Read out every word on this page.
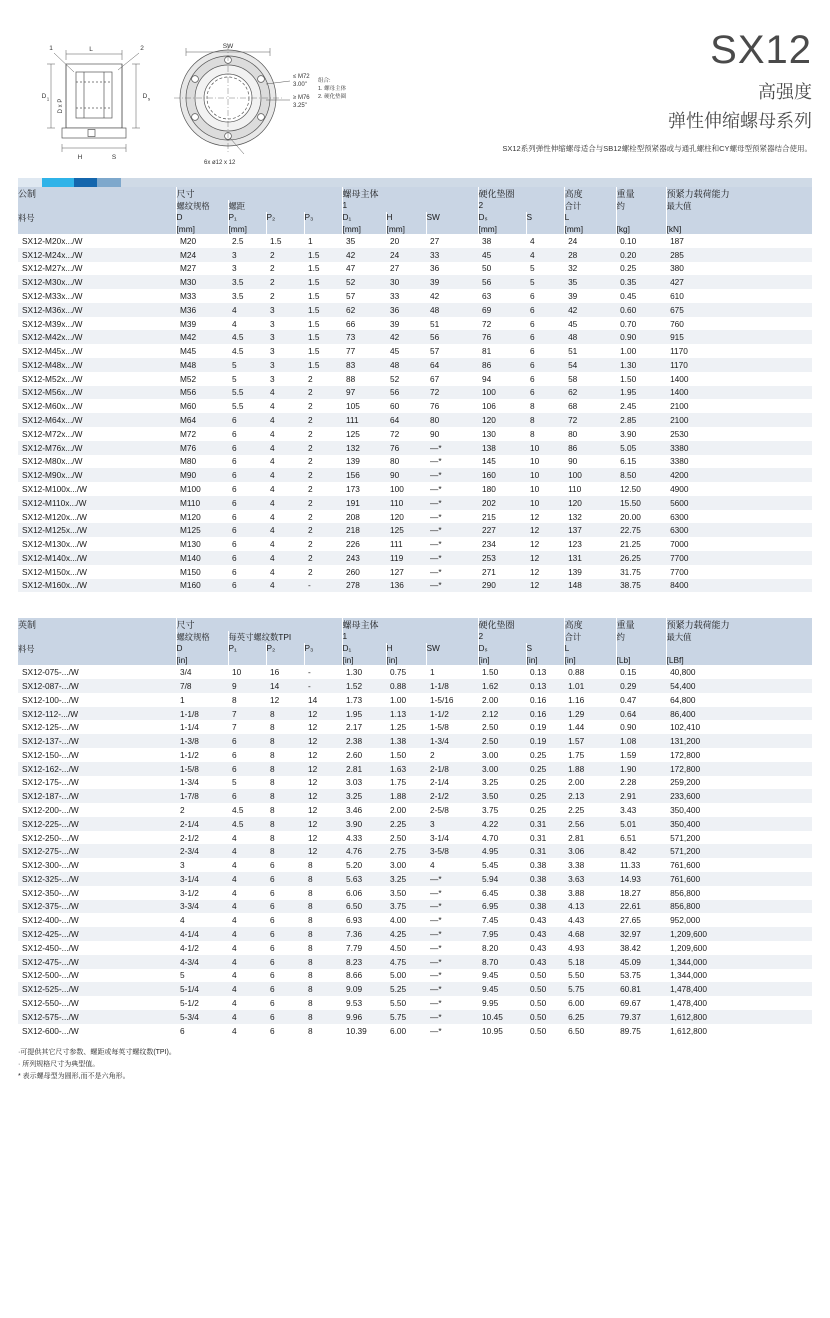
L
1	2
D 1 D x P
D s
H	S
SW
≤ M72
3.00"
≥ M76
3.25"
6x ø12 x 12
组合:
1. 螺母主体
2. 硬化垫圈
SX12
高强度
弹性伸缩螺母系列
SX12系列弹性伸缩螺母适合与SB12螺栓型预紧器或与通孔螺柱和CY螺母型预紧器结合使用。
公制	尺寸				螺母主体			硬化垫圈		高度	重量	预紧力载荷能力
	螺纹规格	螺距			1			2		合计	约	最大值
料号	D	P₁	P₂	P₃	D₁	H	SW	Dₛ	S	L		
	[mm]	[mm]			[mm]	[mm]		[mm]		[mm]	[kg]	[kN]
SX12-M20x.../W	M20	2.5	1.5	1	35	20	27	38	4	24	0.10	187
SX12-M24x.../W	M24	3	2	1.5	42	24	33	45	4	28	0.20	285
SX12-M27x.../W	M27	3	2	1.5	47	27	36	50	5	32	0.25	380
SX12-M30x.../W	M30	3.5	2	1.5	52	30	39	56	5	35	0.35	427
SX12-M33x.../W	M33	3.5	2	1.5	57	33	42	63	6	39	0.45	610
SX12-M36x.../W	M36	4	3	1.5	62	36	48	69	6	42	0.60	675
SX12-M39x.../W	M39	4	3	1.5	66	39	51	72	6	45	0.70	760
SX12-M42x.../W	M42	4.5	3	1.5	73	42	56	76	6	48	0.90	915
SX12-M45x.../W	M45	4.5	3	1.5	77	45	57	81	6	51	1.00	1170
SX12-M48x.../W	M48	5	3	1.5	83	48	64	86	6	54	1.30	1170
SX12-M52x.../W	M52	5	3	2	88	52	67	94	6	58	1.50	1400
SX12-M56x.../W	M56	5.5	4	2	97	56	72	100	6	62	1.95	1400
SX12-M60x.../W	M60	5.5	4	2	105	60	76	106	8	68	2.45	2100
SX12-M64x.../W	M64	6	4	2	111	64	80	120	8	72	2.85	2100
SX12-M72x.../W	M72	6	4	2	125	72	90	130	8	80	3.90	2530
SX12-M76x.../W	M76	6	4	2	132	76	—*	138	10	86	5.05	3380
SX12-M80x.../W	M80	6	4	2	139	80	—*	145	10	90	6.15	3380
SX12-M90x.../W	M90	6	4	2	156	90	—*	160	10	100	8.50	4200
SX12-M100x.../W	M100	6	4	2	173	100	—*	180	10	110	12.50	4900
SX12-M110x.../W	M110	6	4	2	191	110	—*	202	10	120	15.50	5600
SX12-M120x.../W	M120	6	4	2	208	120	—*	215	12	132	20.00	6300
SX12-M125x.../W	M125	6	4	2	218	125	—*	227	12	137	22.75	6300
SX12-M130x.../W	M130	6	4	2	226	111	—*	234	12	123	21.25	7000
SX12-M140x.../W	M140	6	4	2	243	119	—*	253	12	131	26.25	7700
SX12-M150x.../W	M150	6	4	2	260	127	—*	271	12	139	31.75	7700
SX12-M160x.../W	M160	6	4	-	278	136	—*	290	12	148	38.75	8400
英制	尺寸				螺母主体			硬化垫圈		高度	重量	预紧力载荷能力
	螺纹规格	每英寸螺纹数TPI			1			2		合计	约	最大值
料号	D	P₁	P₂	P₃	D₁	H	SW	Dₛ	S	L		
	[in]				[in]	[in]		[in]	[in]	[in]	[Lb]	[LBf]
SX12-075-.../W	3/4	10	16	-	1.30	0.75	1	1.50	0.13	0.88	0.15	40,800
SX12-087-.../W	7/8	9	14	-	1.52	0.88	1-1/8	1.62	0.13	1.01	0.29	54,400
SX12-100-.../W	1	8	12	14	1.73	1.00	1-5/16	2.00	0.16	1.16	0.47	64,800
SX12-112-.../W	1-1/8	7	8	12	1.95	1.13	1-1/2	2.12	0.16	1.29	0.64	86,400
SX12-125-.../W	1-1/4	7	8	12	2.17	1.25	1-5/8	2.50	0.19	1.44	0.90	102,410
SX12-137-.../W	1-3/8	6	8	12	2.38	1.38	1-3/4	2.50	0.19	1.57	1.08	131,200
SX12-150-.../W	1-1/2	6	8	12	2.60	1.50	2	3.00	0.25	1.75	1.59	172,800
SX12-162-.../W	1-5/8	6	8	12	2.81	1.63	2-1/8	3.00	0.25	1.88	1.90	172,800
SX12-175-.../W	1-3/4	5	8	12	3.03	1.75	2-1/4	3.25	0.25	2.00	2.28	259,200
SX12-187-.../W	1-7/8	6	8	12	3.25	1.88	2-1/2	3.50	0.25	2.13	2.91	233,600
SX12-200-.../W	2	4.5	8	12	3.46	2.00	2-5/8	3.75	0.25	2.25	3.43	350,400
SX12-225-.../W	2-1/4	4.5	8	12	3.90	2.25	3	4.22	0.31	2.56	5.01	350,400
SX12-250-.../W	2-1/2	4	8	12	4.33	2.50	3-1/4	4.70	0.31	2.81	6.51	571,200
SX12-275-.../W	2-3/4	4	8	12	4.76	2.75	3-5/8	4.95	0.31	3.06	8.42	571,200
SX12-300-.../W	3	4	6	8	5.20	3.00	4	5.45	0.38	3.38	11.33	761,600
SX12-325-.../W	3-1/4	4	6	8	5.63	3.25	—*	5.94	0.38	3.63	14.93	761,600
SX12-350-.../W	3-1/2	4	6	8	6.06	3.50	—*	6.45	0.38	3.88	18.27	856,800
SX12-375-.../W	3-3/4	4	6	8	6.50	3.75	—*	6.95	0.38	4.13	22.61	856,800
SX12-400-.../W	4	4	6	8	6.93	4.00	—*	7.45	0.43	4.43	27.65	952,000
SX12-425-.../W	4-1/4	4	6	8	7.36	4.25	—*	7.95	0.43	4.68	32.97	1,209,600
SX12-450-.../W	4-1/2	4	6	8	7.79	4.50	—*	8.20	0.43	4.93	38.42	1,209,600
SX12-475-.../W	4-3/4	4	6	8	8.23	4.75	—*	8.70	0.43	5.18	45.09	1,344,000
SX12-500-.../W	5	4	6	8	8.66	5.00	—*	9.45	0.50	5.50	53.75	1,344,000
SX12-525-.../W	5-1/4	4	6	8	9.09	5.25	—*	9.45	0.50	5.75	60.81	1,478,400
SX12-550-.../W	5-1/2	4	6	8	9.53	5.50	—*	9.95	0.50	6.00	69.67	1,478,400
SX12-575-.../W	5-3/4	4	6	8	9.96	5.75	—*	10.45	0.50	6.25	79.37	1,612,800
SX12-600-.../W	6	4	6	8	10.39	6.00	—*	10.95	0.50	6.50	89.75	1,612,800
·可提供其它尺寸参数、螺距或每英寸螺纹数(TPI)。
· 所列规格尺寸为典型值。
* 表示螺母型为圆形,而不是六角形。
